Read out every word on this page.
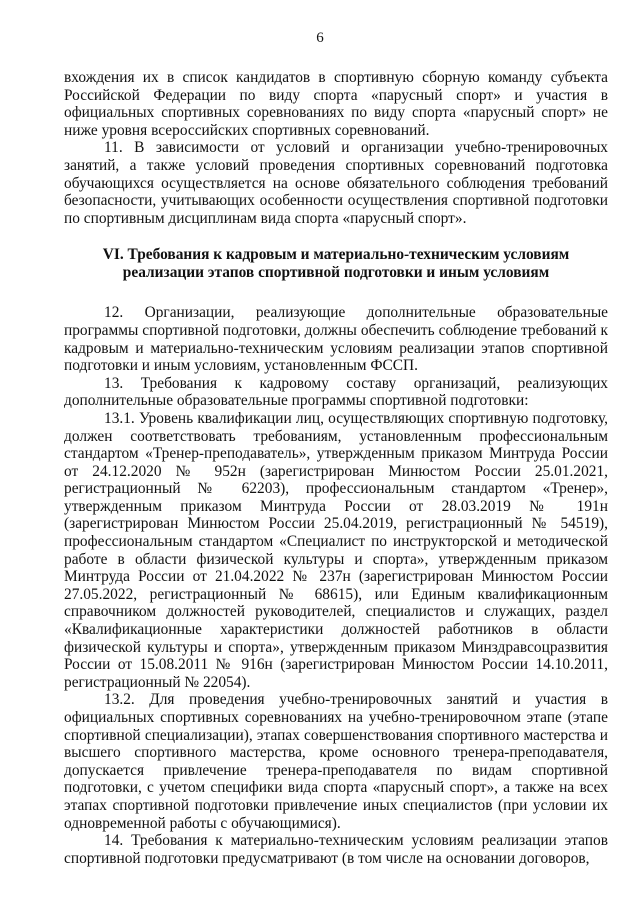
6

вхождения их в список кандидатов в спортивную сборную команду субъекта Российской Федерации по виду спорта «парусный спорт» и участия в официальных спортивных соревнованиях по виду спорта «парусный спорт» не ниже уровня всероссийских спортивных соревнований.

11. В зависимости от условий и организации учебно-тренировочных занятий, а также условий проведения спортивных соревнований подготовка обучающихся осуществляется на основе обязательного соблюдения требований безопасности, учитывающих особенности осуществления спортивной подготовки по спортивным дисциплинам вида спорта «парусный спорт».

VI. Требования к кадровым и материально-техническим условиям реализации этапов спортивной подготовки и иным условиям

12. Организации, реализующие дополнительные образовательные программы спортивной подготовки, должны обеспечить соблюдение требований к кадровым и материально-техническим условиям реализации этапов спортивной подготовки и иным условиям, установленным ФССП.

13. Требования к кадровому составу организаций, реализующих дополнительные образовательные программы спортивной подготовки:

13.1. Уровень квалификации лиц, осуществляющих спортивную подготовку, должен соответствовать требованиям, установленным профессиональным стандартом «Тренер-преподаватель», утвержденным приказом Минтруда России от 24.12.2020 № 952н (зарегистрирован Минюстом России 25.01.2021, регистрационный № 62203), профессиональным стандартом «Тренер», утвержденным приказом Минтруда России от 28.03.2019 № 191н (зарегистрирован Минюстом России 25.04.2019, регистрационный № 54519), профессиональным стандартом «Специалист по инструкторской и методической работе в области физической культуры и спорта», утвержденным приказом Минтруда России от 21.04.2022 № 237н (зарегистрирован Минюстом России 27.05.2022, регистрационный № 68615), или Единым квалификационным справочником должностей руководителей, специалистов и служащих, раздел «Квалификационные характеристики должностей работников в области физической культуры и спорта», утвержденным приказом Минздравсоцразвития России от 15.08.2011 № 916н (зарегистрирован Минюстом России 14.10.2011, регистрационный № 22054).

13.2. Для проведения учебно-тренировочных занятий и участия в официальных спортивных соревнованиях на учебно-тренировочном этапе (этапе спортивной специализации), этапах совершенствования спортивного мастерства и высшего спортивного мастерства, кроме основного тренера-преподавателя, допускается привлечение тренера-преподавателя по видам спортивной подготовки, с учетом специфики вида спорта «парусный спорт», а также на всех этапах спортивной подготовки привлечение иных специалистов (при условии их одновременной работы с обучающимися).

14. Требования к материально-техническим условиям реализации этапов спортивной подготовки предусматривают (в том числе на основании договоров,
